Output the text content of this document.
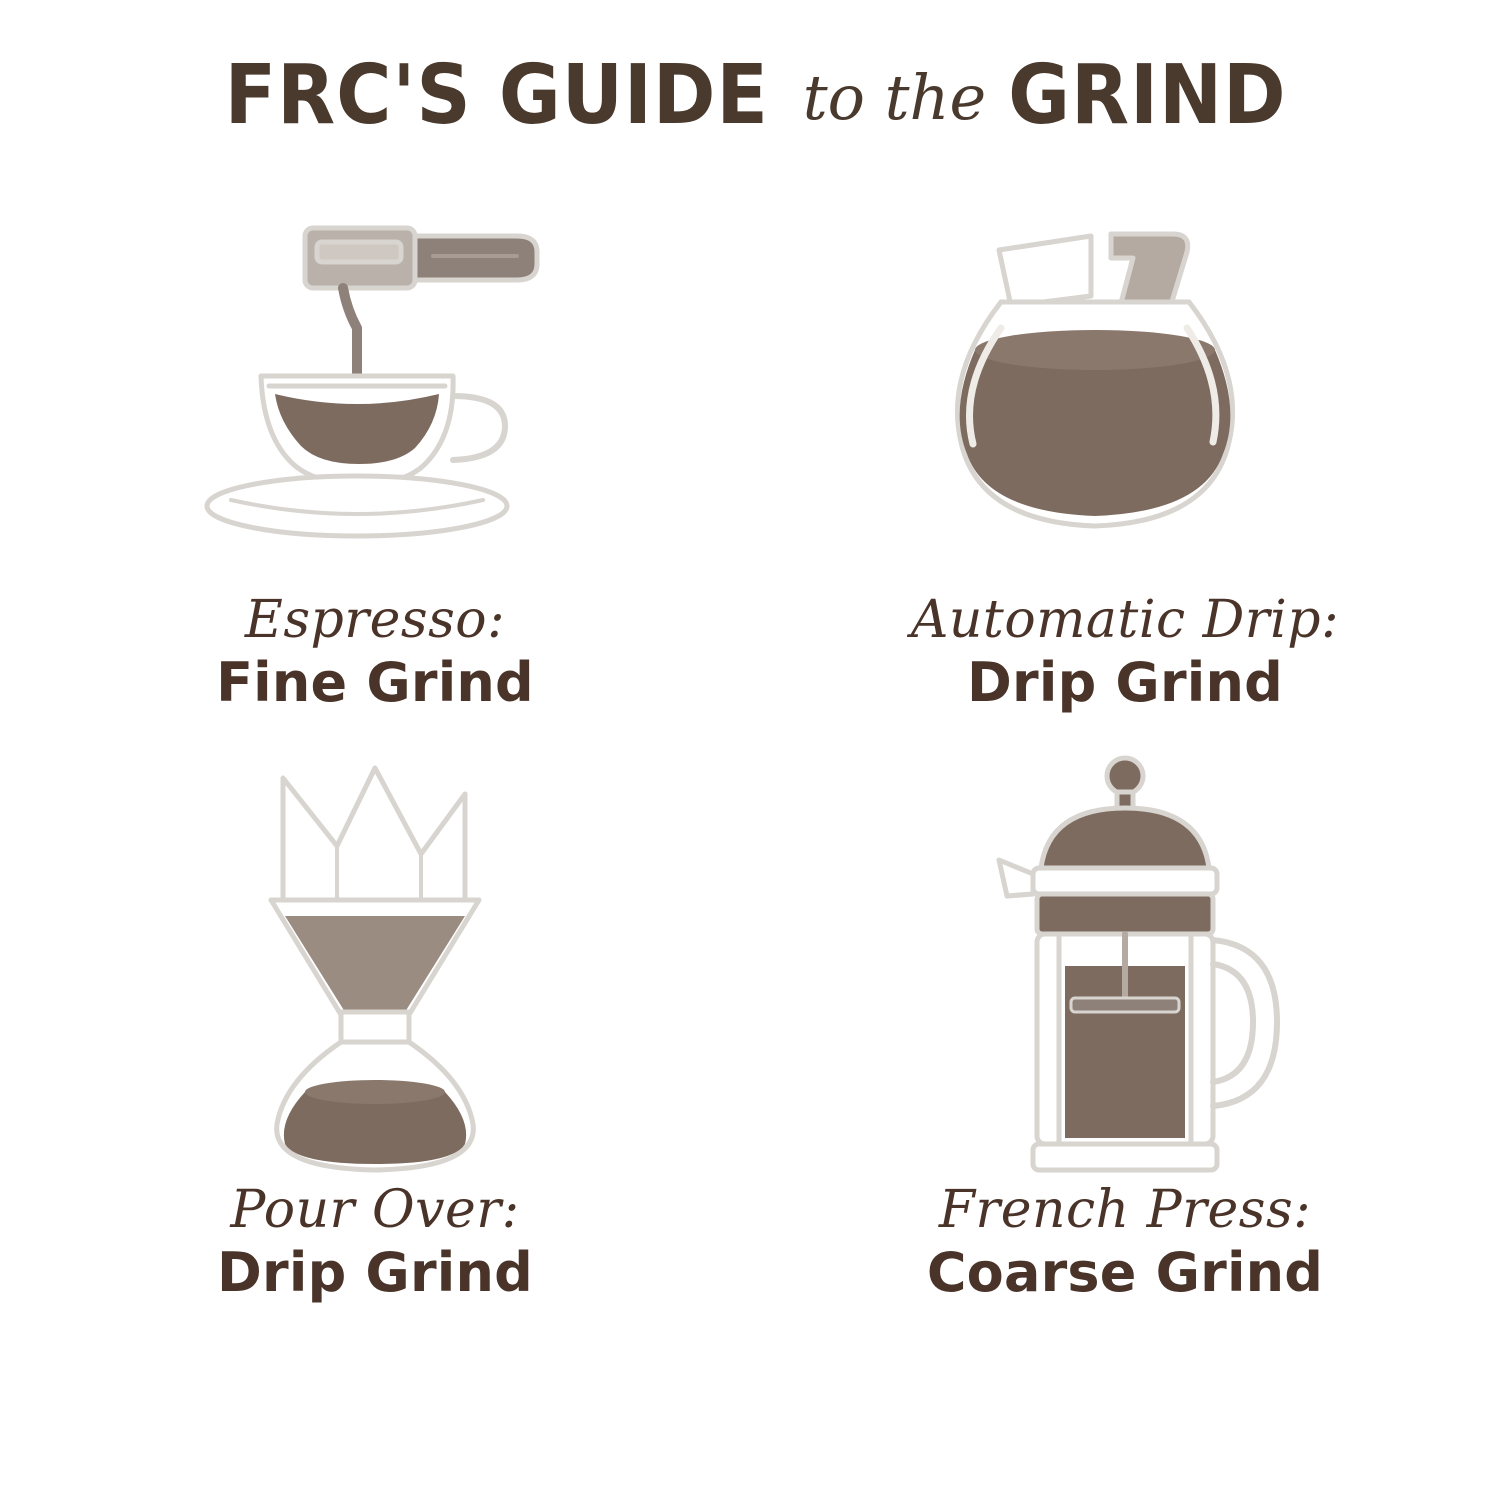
FRC'S GUIDE to the GRIND
Espresso:
Fine Grind
Automatic Drip:
Drip Grind
Pour Over:
Drip Grind
French Press:
Coarse Grind
